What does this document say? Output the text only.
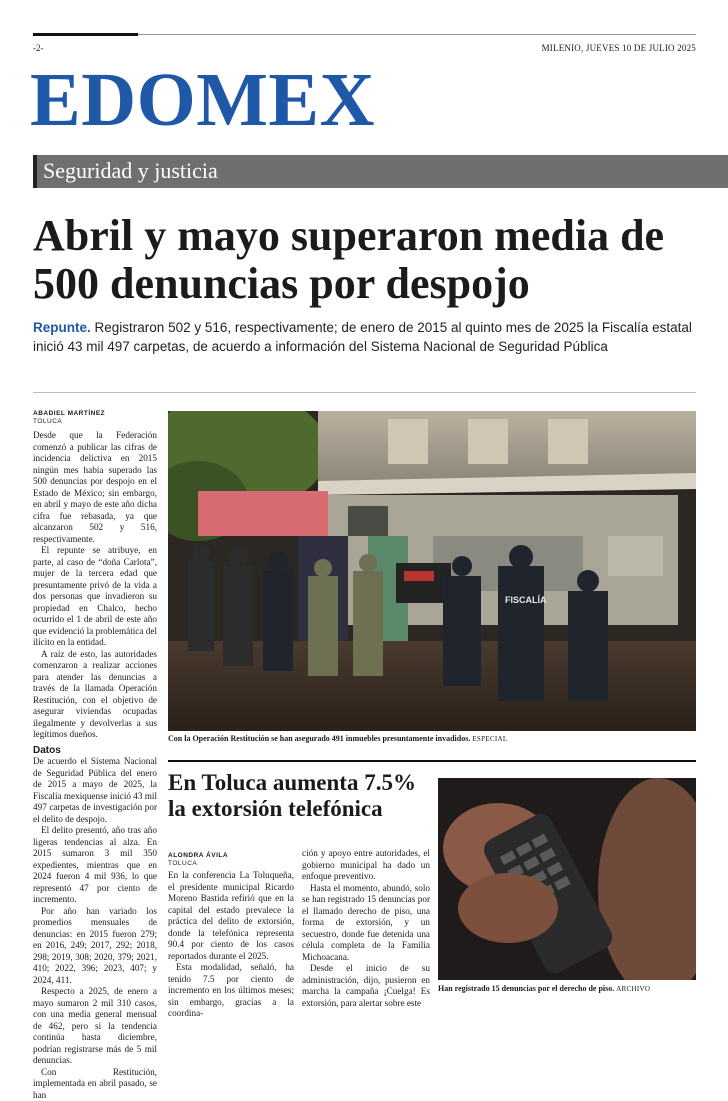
-2-	MILENIO, JUEVES 10 DE JULIO 2025
EDOMEX
Seguridad y justicia
Abril y mayo superaron media de 500 denuncias por despojo
Repunte. Registraron 502 y 516, respectivamente; de enero de 2015 al quinto mes de 2025 la Fiscalía estatal inició 43 mil 497 carpetas, de acuerdo a información del Sistema Nacional de Seguridad Pública
ABADIEL MARTÍNEZ
TOLUCA

Desde que la Federación comenzó a publicar las cifras de incidencia delictiva en 2015 ningún mes había superado las 500 denuncias por despojo en el Estado de México; sin embargo, en abril y mayo de este año dicha cifra fue rebasada, ya que alcanzaron 502 y 516, respectivamente.

El repunte se atribuye, en parte, al caso de “doña Carlota”, mujer de la tercera edad que presuntamente privó de la vida a dos personas que invadieron su propiedad en Chalco, hecho ocurrido el 1 de abril de este año que evidenció la problemática del ilícito en la entidad.

A raíz de esto, las autoridades comenzaron a realizar acciones para atender las denuncias a través de la llamada Operación Restitución, con el objetivo de asegurar viviendas ocupadas ilegalmente y devolverlas a sus legítimos dueños.

Datos

De acuerdo el Sistema Nacional de Seguridad Pública del enero de 2015 a mayo de 2025, la Fiscalía mexiquense inició 43 mil 497 carpetas de investigación por el delito de despojo.

El delito presentó, año tras año ligeras tendencias al alza. En 2015 sumaron 3 mil 350 expedientes, mientras que en 2024 fueron 4 mil 936, lo que representó 47 por ciento de incremento.

Por año han variado los promedios mensuales de denuncias: en 2015 fueron 279; en 2016, 249; 2017, 292; 2018, 298; 2019, 308; 2020, 379; 2021, 410; 2022, 396; 2023, 407; y 2024, 411.

Respecto a 2025, de enero a mayo sumaron 2 mil 310 casos, con una media general mensual de 462, pero si la tendencia continúa hasta diciembre, podrían registrarse más de 5 mil denuncias.

Con Restitución, implementada en abril pasado, se han

FISCALÍA
Con la Operación Restitución se han asegurado 491 inmuebles presuntamente invadidos. ESPECIAL
En Toluca aumenta 7.5% la extorsión telefónica
ALONDRA ÁVILA
TOLUCA

En la conferencia La Toluqueña, el presidente municipal Ricardo Moreno Bastida refirió que en la capital del estado prevalece la práctica del delito de extorsión, donde la telefónica representa 90.4 por ciento de los casos reportados durante el 2025.

Esta modalidad, señaló, ha tenido 7.5 por ciento de incremento en los últimos meses; sin embargo, gracias a la coordina-

ción y apoyo entre autoridades, el gobierno municipal ha dado un enfoque preventivo.

Hasta el momento, abundó, solo se han registrado 15 denuncias por el llamado derecho de piso, una forma de extorsión, y un secuestro, donde fue detenida una célula completa de la Familia Michoacana.

Desde el inicio de su administración, dijo, pusieron en marcha la campaña ¡Cuelga! Es extorsión, para alertar sobre este

Han registrado 15 denuncias por el derecho de piso. ARCHIVO
